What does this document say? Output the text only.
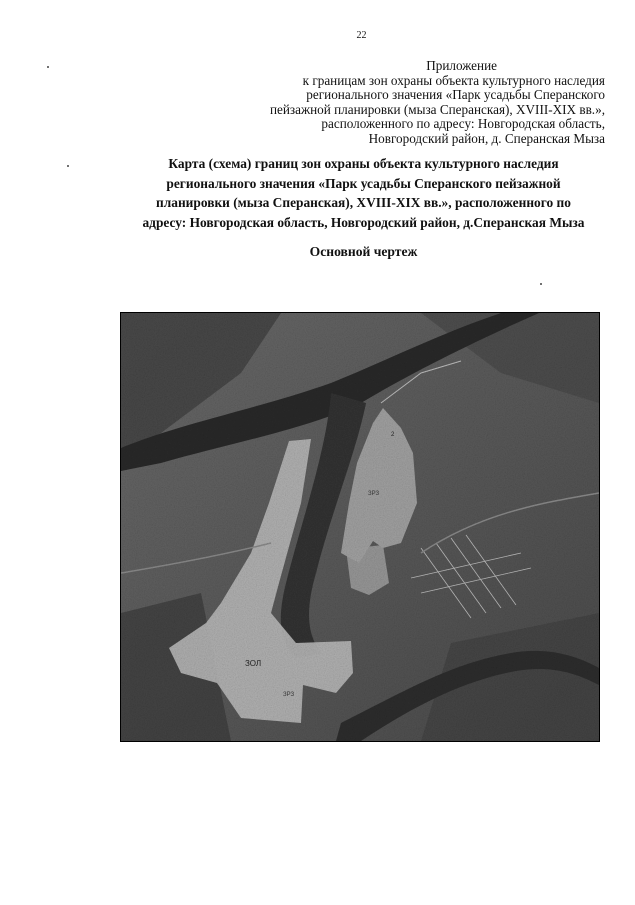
22
Приложение
к границам зон охраны объекта культурного наследия
регионального значения «Парк усадьбы Сперанского
пейзажной планировки (мыза Сперанская), XVIII-XIX вв.»,
расположенного по адресу: Новгородская область,
Новгородский район, д. Сперанская Мыза
Карта (схема) границ зон охраны объекта культурного наследия
регионального значения «Парк усадьбы Сперанского пейзажной
планировки (мыза Сперанская), XVIII-XIX вв.», расположенного по
адресу: Новгородская область, Новгородский район, д.Сперанская Мыза
Основной чертеж
ЗОЛ
ЗРЗ
ЗРЗ
2
